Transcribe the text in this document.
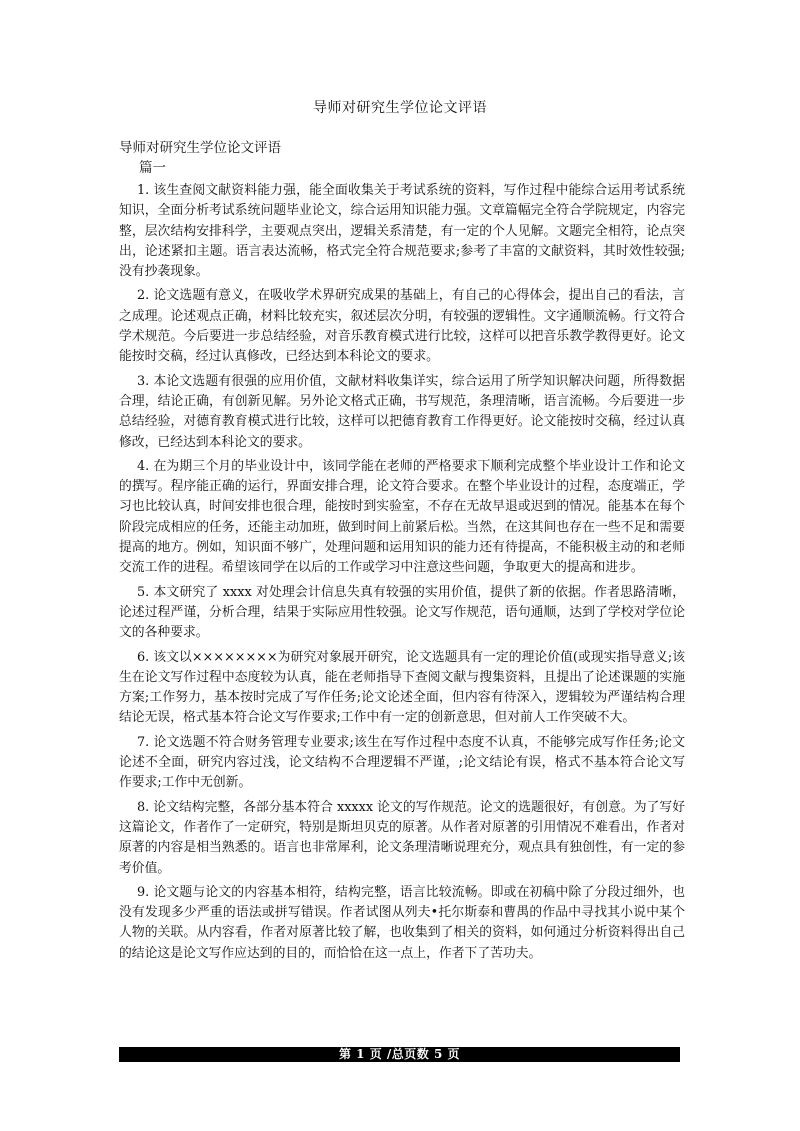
导师对研究生学位论文评语

导师对研究生学位论文评语

篇一

1. 该生查阅文献资料能力强，能全面收集关于考试系统的资料，写作过程中能综合运用考试系统知识，全面分析考试系统问题毕业论文，综合运用知识能力强。文章篇幅完全符合学院规定，内容完整，层次结构安排科学，主要观点突出，逻辑关系清楚，有一定的个人见解。文题完全相符，论点突出，论述紧扣主题。语言表达流畅，格式完全符合规范要求;参考了丰富的文献资料，其时效性较强;没有抄袭现象。

2. 论文选题有意义，在吸收学术界研究成果的基础上，有自己的心得体会，提出自己的看法，言之成理。论述观点正确，材料比较充实，叙述层次分明，有较强的逻辑性。文字通顺流畅。行文符合学术规范。今后要进一步总结经验，对音乐教育模式进行比较，这样可以把音乐教学教得更好。论文能按时交稿，经过认真修改，已经达到本科论文的要求。

3. 本论文选题有很强的应用价值，文献材料收集详实，综合运用了所学知识解决问题，所得数据合理，结论正确，有创新见解。另外论文格式正确，书写规范，条理清晰，语言流畅。今后要进一步总结经验，对德育教育模式进行比较，这样可以把德育教育工作得更好。论文能按时交稿，经过认真修改，已经达到本科论文的要求。

4. 在为期三个月的毕业设计中，该同学能在老师的严格要求下顺利完成整个毕业设计工作和论文的撰写。程序能正确的运行，界面安排合理，论文符合要求。在整个毕业设计的过程，态度端正，学习也比较认真，时间安排也很合理，能按时到实验室，不存在无故早退或迟到的情况。能基本在每个阶段完成相应的任务，还能主动加班，做到时间上前紧后松。当然，在这其间也存在一些不足和需要提高的地方。例如，知识面不够广，处理问题和运用知识的能力还有待提高，不能积极主动的和老师交流工作的进程。希望该同学在以后的工作或学习中注意这些问题，争取更大的提高和进步。

5. 本文研究了 xxxx 对处理会计信息失真有较强的实用价值，提供了新的依据。作者思路清晰，论述过程严谨，分析合理，结果于实际应用性较强。论文写作规范，语句通顺，达到了学校对学位论文的各种要求。

6. 该文以××××××××为研究对象展开研究，论文选题具有一定的理论价值(或现实指导意义;该生在论文写作过程中态度较为认真，能在老师指导下查阅文献与搜集资料，且提出了论述课题的实施方案;工作努力，基本按时完成了写作任务;论文论述全面，但内容有待深入，逻辑较为严谨结构合理结论无误，格式基本符合论文写作要求;工作中有一定的创新意思，但对前人工作突破不大。

7. 论文选题不符合财务管理专业要求;该生在写作过程中态度不认真，不能够完成写作任务;论文论述不全面，研究内容过浅，论文结构不合理逻辑不严谨，;论文结论有误，格式不基本符合论文写作要求;工作中无创新。

8. 论文结构完整，各部分基本符合 xxxxx 论文的写作规范。论文的选题很好，有创意。为了写好这篇论文，作者作了一定研究，特别是斯坦贝克的原著。从作者对原著的引用情况不难看出，作者对原著的内容是相当熟悉的。语言也非常犀利，论文条理清晰说理充分，观点具有独创性，有一定的参考价值。

9. 论文题与论文的内容基本相符，结构完整，语言比较流畅。即或在初稿中除了分段过细外，也没有发现多少严重的语法或拼写错误。作者试图从列夫•托尔斯泰和曹禺的作品中寻找其小说中某个人物的关联。从内容看，作者对原著比较了解，也收集到了相关的资料，如何通过分析资料得出自己的结论这是论文写作应达到的目的，而恰恰在这一点上，作者下了苦功夫。

第 1 页 /总页数 5 页
